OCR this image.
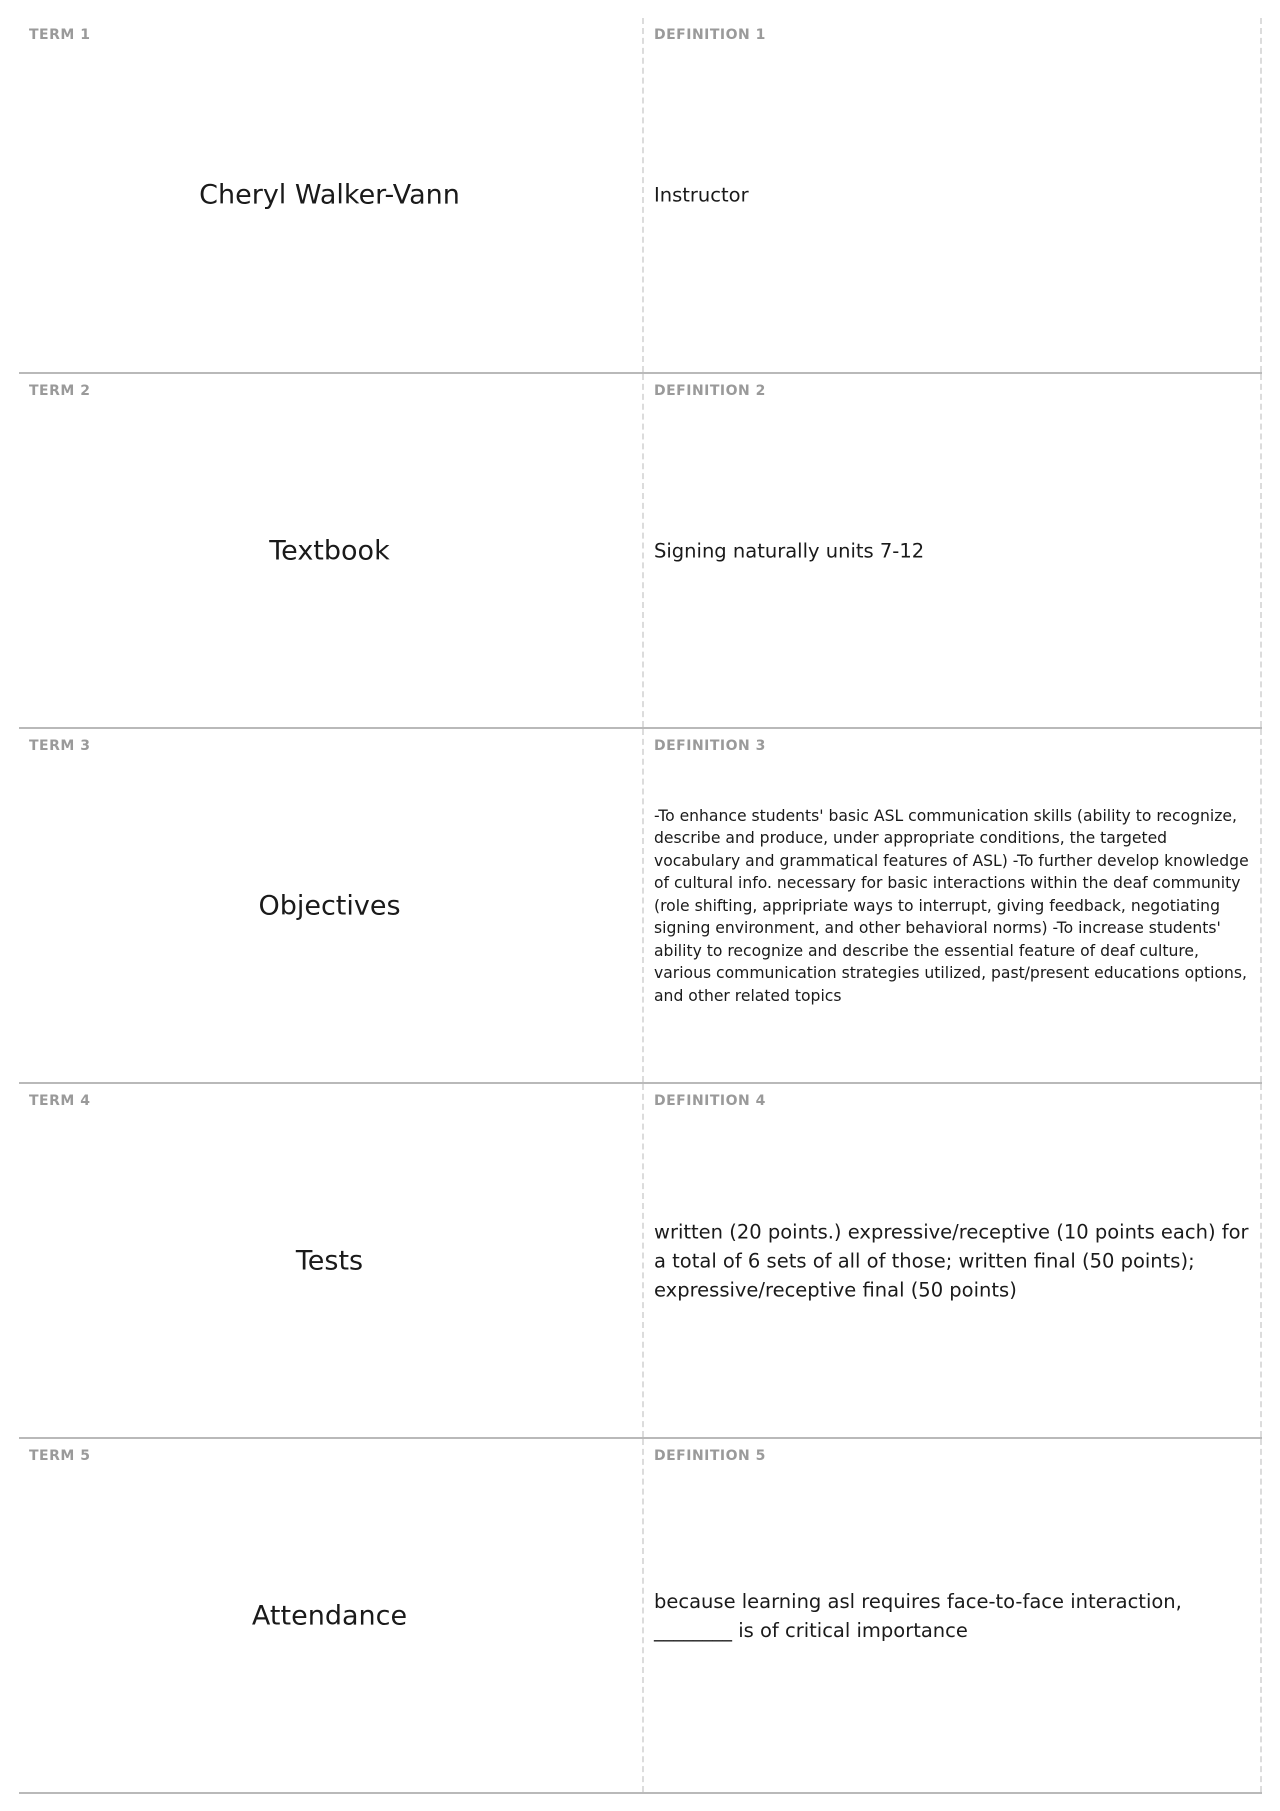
TERM 1
Cheryl Walker-Vann
DEFINITION 1
Instructor
TERM 2
Textbook
DEFINITION 2
Signing naturally units 7-12
TERM 3
Objectives
DEFINITION 3
-To enhance students' basic ASL communication skills (ability to recognize, describe and produce, under appropriate conditions, the targeted vocabulary and grammatical features of ASL) -To further develop knowledge of cultural info. necessary for basic interactions within the deaf community (role shifting, appripriate ways to interrupt, giving feedback, negotiating signing environment, and other behavioral norms) -To increase students' ability to recognize and describe the essential feature of deaf culture, various communication strategies utilized, past/present educations options, and other related topics
TERM 4
Tests
DEFINITION 4
written (20 points.) expressive/receptive (10 points each) for a total of 6 sets of all of those; written final (50 points); expressive/receptive final (50 points)
TERM 5
Attendance
DEFINITION 5
because learning asl requires face-to-face interaction, ________ is of critical importance
